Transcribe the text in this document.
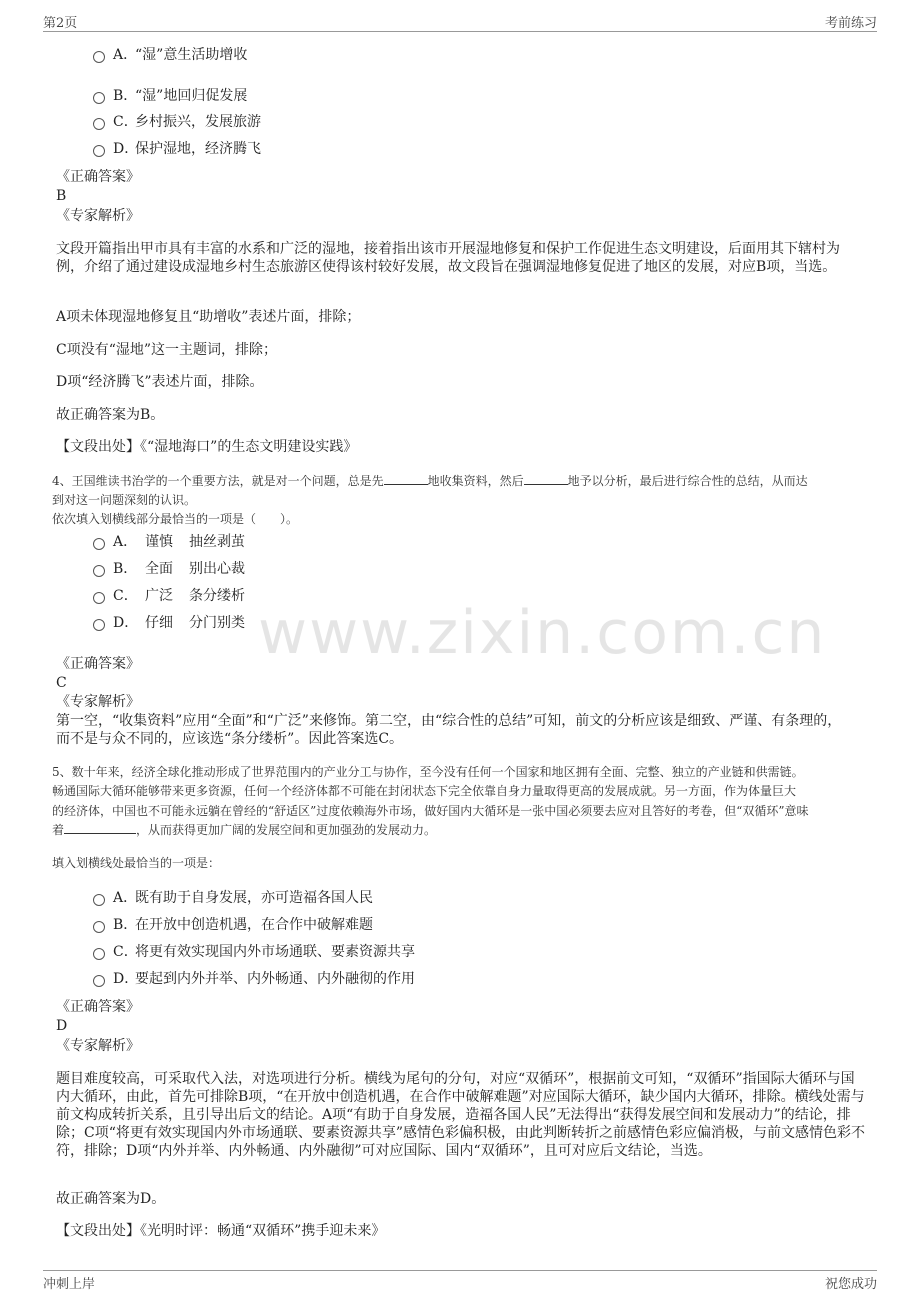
第2页	考前练习
A．“湿”意生活助增收
B．“湿”地回归促发展
C．乡村振兴，发展旅游
D．保护湿地，经济腾飞
《正确答案》
B
《专家解析》
文段开篇指出甲市具有丰富的水系和广泛的湿地，接着指出该市开展湿地修复和保护工作促进生态文明建设，后面用其下辖村为例，介绍了通过建设成湿地乡村生态旅游区使得该村较好发展，故文段旨在强调湿地修复促进了地区的发展，对应B项，当选。
A项未体现湿地修复且“助增收”表述片面，排除；
C项没有“湿地”这一主题词，排除；
D项“经济腾飞”表述片面，排除。
故正确答案为B。
【文段出处】《“湿地海口”的生态文明建设实践》
4、王国维读书治学的一个重要方法，就是对一个问题，总是先	地收集资料，然后	地予以分析，最后进行综合性的总结，从而达
到对这一问题深刻的认识。
依次填入划横线部分最恰当的一项是（　　）。
A． 谨慎 抽丝剥茧
B． 全面 别出心裁
C． 广泛 条分缕析
D． 仔细 分门别类 www.zixin.com.cn
《正确答案》
C
《专家解析》
第一空，“收集资料”应用“全面”和“广泛”来修饰。第二空，由“综合性的总结”可知，前文的分析应该是细致、严谨、有条理的，而不是与众不同的，应该选“条分缕析”。因此答案选C。
5、数十年来，经济全球化推动形成了世界范围内的产业分工与协作，至今没有任何一个国家和地区拥有全面、完整、独立的产业链和供需链。
畅通国际大循环能够带来更多资源，任何一个经济体都不可能在封闭状态下完全依靠自身力量取得更高的发展成就。另一方面，作为体量巨大
的经济体，中国也不可能永远躺在曾经的“舒适区”过度依赖海外市场，做好国内大循环是一张中国必须要去应对且答好的考卷，但“双循环”意味
着	，从而获得更加广阔的发展空间和更加强劲的发展动力。
填入划横线处最恰当的一项是：
A．既有助于自身发展，亦可造福各国人民
B．在开放中创造机遇，在合作中破解难题
C．将更有效实现国内外市场通联、要素资源共享
D．要起到内外并举、内外畅通、内外融彻的作用
《正确答案》
D
《专家解析》
题目难度较高，可采取代入法，对选项进行分析。横线为尾句的分句，对应“双循环”，根据前文可知，“双循环”指国际大循环与国内大循环，由此，首先可排除B项，“在开放中创造机遇，在合作中破解难题”对应国际大循环，缺少国内大循环，排除。横线处需与前文构成转折关系，且引导出后文的结论。A项“有助于自身发展，造福各国人民”无法得出“获得发展空间和发展动力”的结论，排除；C项“将更有效实现国内外市场通联、要素资源共享”感情色彩偏积极，由此判断转折之前感情色彩应偏消极，与前文感情色彩不符，排除；D项“内外并举、内外畅通、内外融彻”可对应国际、国内“双循环”，且可对应后文结论，当选。
故正确答案为D。
【文段出处】《光明时评：畅通“双循环”携手迎未来》
冲刺上岸	祝您成功
